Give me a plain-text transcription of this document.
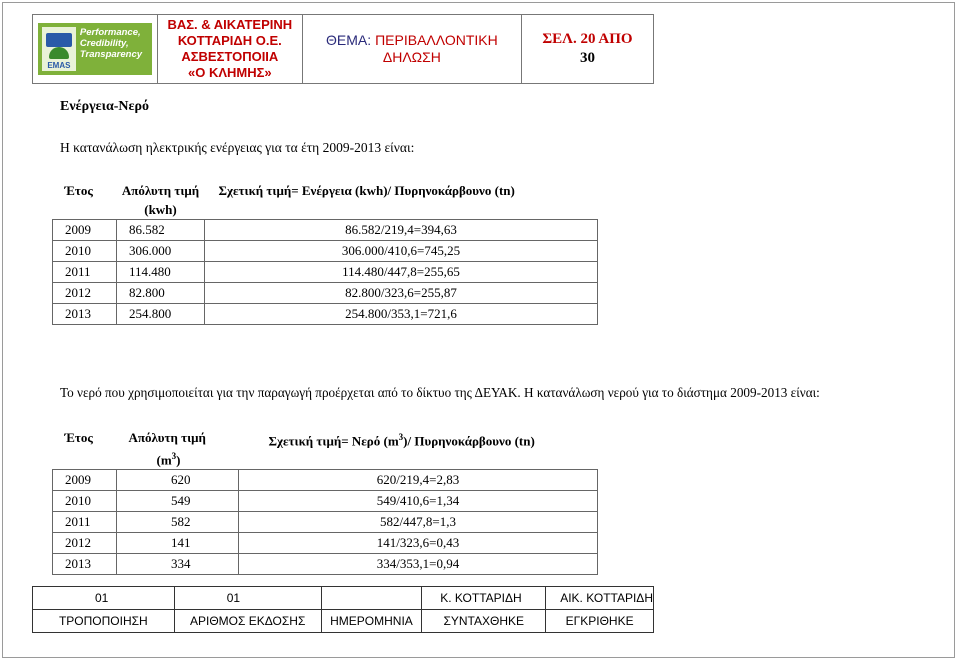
EMAS
Performance,
Credibility,
Transparency

ΒΑΣ. & ΑΙΚΑΤΕΡΙΝΗ
ΚΟΤΤΑΡΙΔΗ Ο.Ε.
ΑΣΒΕΣΤΟΠΟΙΙΑ
«Ο ΚΛΗΜΗΣ»

ΘΕΜΑ: ΠΕΡΙΒΑΛΛΟΝΤΙΚΗ
ΔΗΛΩΣΗ

ΣΕΛ. 20 ΑΠΟ
30
Ενέργεια-Νερό
Η κατανάλωση ηλεκτρικής ενέργειας για τα έτη 2009-2013 είναι:
Έτος	Απόλυτη τιμή
(kwh)	Σχετική τιμή= Ενέργεια (kwh)/ Πυρηνοκάρβουνο (tn)
2009	86.582	86.582/219,4=394,63
2010	306.000	306.000/410,6=745,25
2011	114.480	114.480/447,8=255,65
2012	82.800	82.800/323,6=255,87
2013	254.800	254.800/353,1=721,6
Το νερό που χρησιμοποιείται για την παραγωγή προέρχεται από το δίκτυο της ΔΕΥΑΚ. Η κατανάλωση νερού για το διάστημα 2009-2013 είναι:
Έτος	Απόλυτη τιμή
$(m^3)$	Σχετική τιμή= Νερό $(m^3)/$ Πυρηνοκάρβουνο (tn)
2009	620	620/219,4=2,83
2010	549	549/410,6=1,34
2011	582	582/447,8=1,3
2012	141	141/323,6=0,43
2013	334	334/353,1=0,94
01	01		Κ. ΚΟΤΤΑΡΙΔΗ	ΑΙΚ. ΚΟΤΤΑΡΙΔΗ
ΤΡΟΠΟΠΟΙΗΣΗ	ΑΡΙΘΜΟΣ ΕΚΔΟΣΗΣ	ΗΜΕΡΟΜΗΝΙΑ	ΣΥΝΤΑΧΘΗΚΕ	ΕΓΚΡΙΘΗΚΕ
